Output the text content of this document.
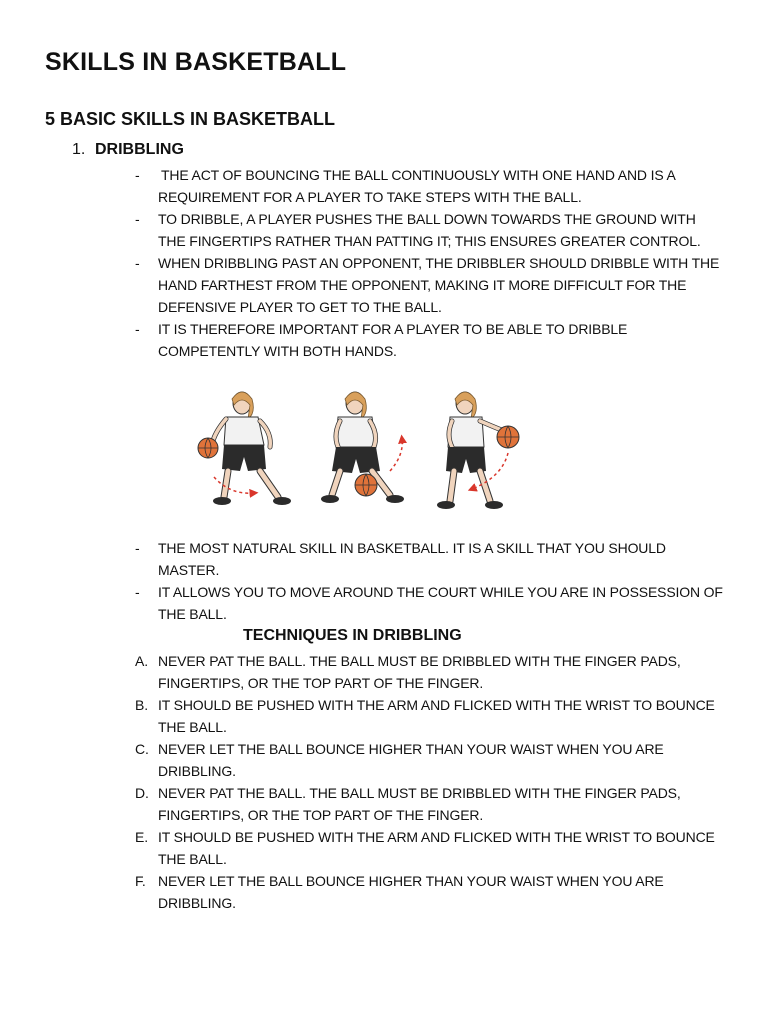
SKILLS IN BASKETBALL
5 BASIC SKILLS IN BASKETBALL
1. DRIBBLING
- THE ACT OF BOUNCING THE BALL CONTINUOUSLY WITH ONE HAND AND IS A REQUIREMENT FOR A PLAYER TO TAKE STEPS WITH THE BALL.
- TO DRIBBLE, A PLAYER PUSHES THE BALL DOWN TOWARDS THE GROUND WITH THE FINGERTIPS RATHER THAN PATTING IT; THIS ENSURES GREATER CONTROL.
- WHEN DRIBBLING PAST AN OPPONENT, THE DRIBBLER SHOULD DRIBBLE WITH THE HAND FARTHEST FROM THE OPPONENT, MAKING IT MORE DIFFICULT FOR THE DEFENSIVE PLAYER TO GET TO THE BALL.
- IT IS THEREFORE IMPORTANT FOR A PLAYER TO BE ABLE TO DRIBBLE COMPETENTLY WITH BOTH HANDS.
- THE MOST NATURAL SKILL IN BASKETBALL. IT IS A SKILL THAT YOU SHOULD MASTER.
- IT ALLOWS YOU TO MOVE AROUND THE COURT WHILE YOU ARE IN POSSESSION OF THE BALL.
TECHNIQUES IN DRIBBLING
A. NEVER PAT THE BALL. THE BALL MUST BE DRIBBLED WITH THE FINGER PADS, FINGERTIPS, OR THE TOP PART OF THE FINGER.
B. IT SHOULD BE PUSHED WITH THE ARM AND FLICKED WITH THE WRIST TO BOUNCE THE BALL.
C. NEVER LET THE BALL BOUNCE HIGHER THAN YOUR WAIST WHEN YOU ARE DRIBBLING.
D. NEVER PAT THE BALL. THE BALL MUST BE DRIBBLED WITH THE FINGER PADS, FINGERTIPS, OR THE TOP PART OF THE FINGER.
E. IT SHOULD BE PUSHED WITH THE ARM AND FLICKED WITH THE WRIST TO BOUNCE THE BALL.
F. NEVER LET THE BALL BOUNCE HIGHER THAN YOUR WAIST WHEN YOU ARE DRIBBLING.
